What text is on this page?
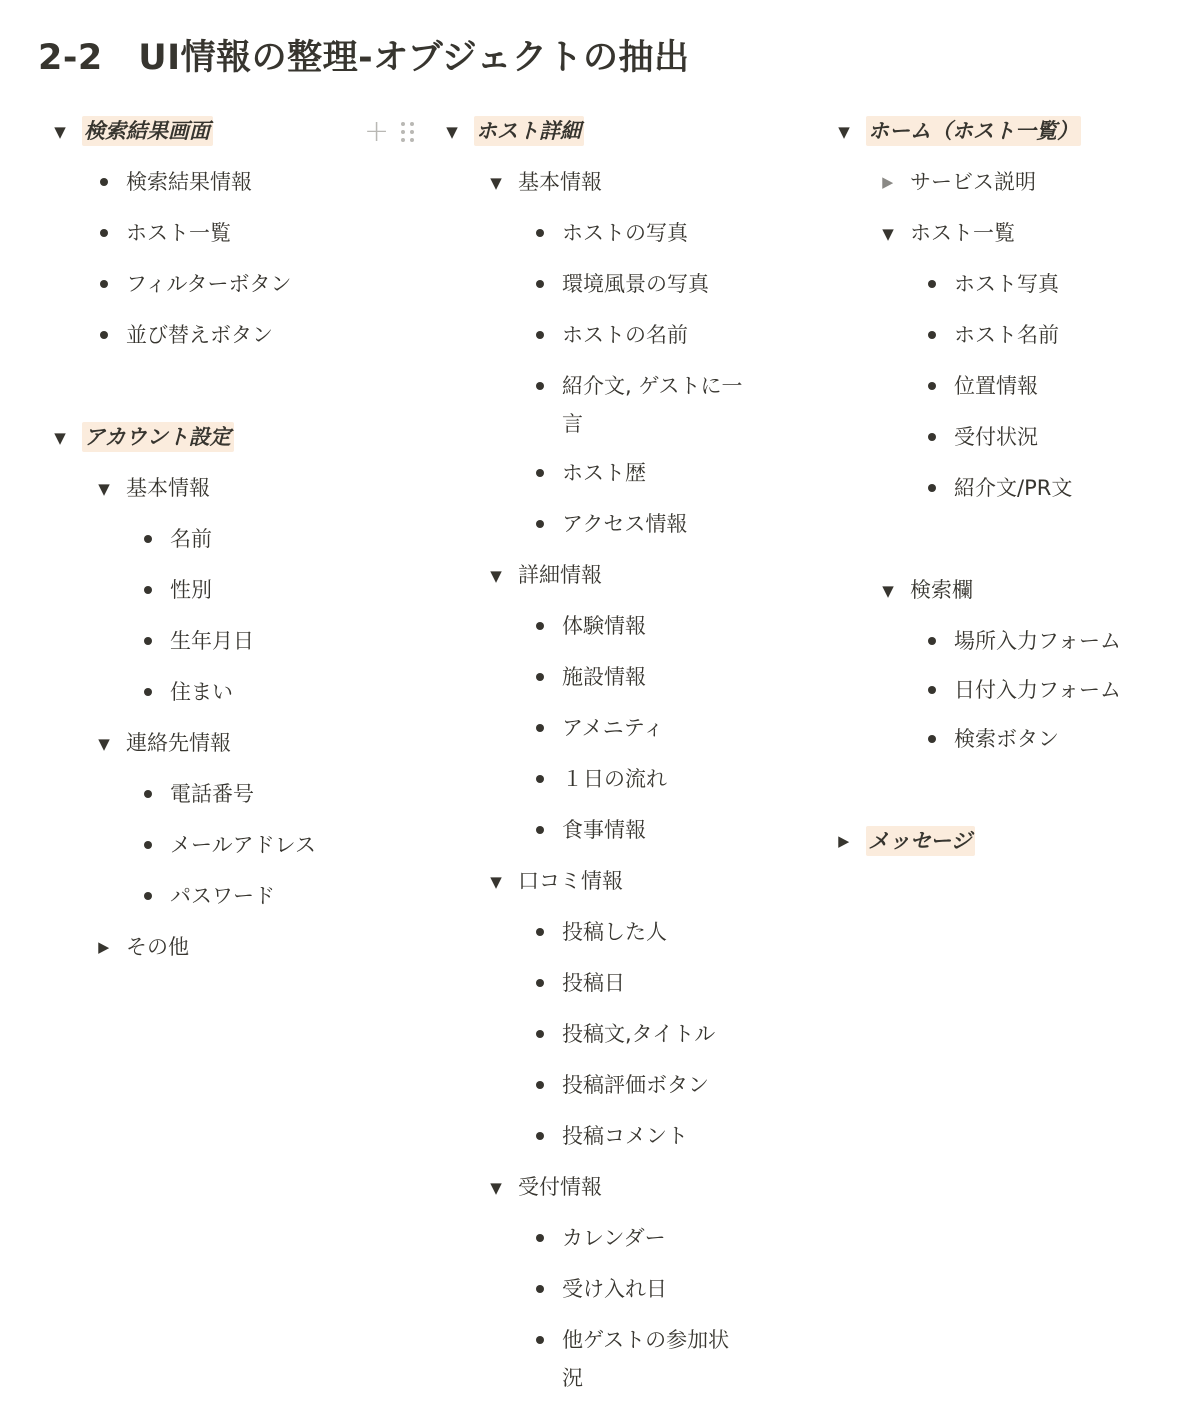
2-2　UI情報の整理-オブジェクトの抽出
+
▼ 検索結果画面
検索結果情報
ホスト一覧
フィルターボタン
並び替えボタン
▼ アカウント設定
▼ 基本情報
名前
性別
生年月日
住まい
▼ 連絡先情報
電話番号
メールアドレス
パスワード
▶ その他
▼ ホスト詳細
▼ 基本情報
ホストの写真
環境風景の写真
ホストの名前
紹介文, ゲストに一言
ホスト歴
アクセス情報
▼ 詳細情報
体験情報
施設情報
アメニティ
１日の流れ
食事情報
▼ 口コミ情報
投稿した人
投稿日
投稿文,タイトル
投稿評価ボタン
投稿コメント
▼ 受付情報
カレンダー
受け入れ日
他ゲストの参加状況
▼ ホーム（ホスト一覧）
▶ サービス説明
▼ ホスト一覧
ホスト写真
ホスト名前
位置情報
受付状況
紹介文/PR文
▼ 検索欄
場所入力フォーム
日付入力フォーム
検索ボタン
▶ メッセージ
